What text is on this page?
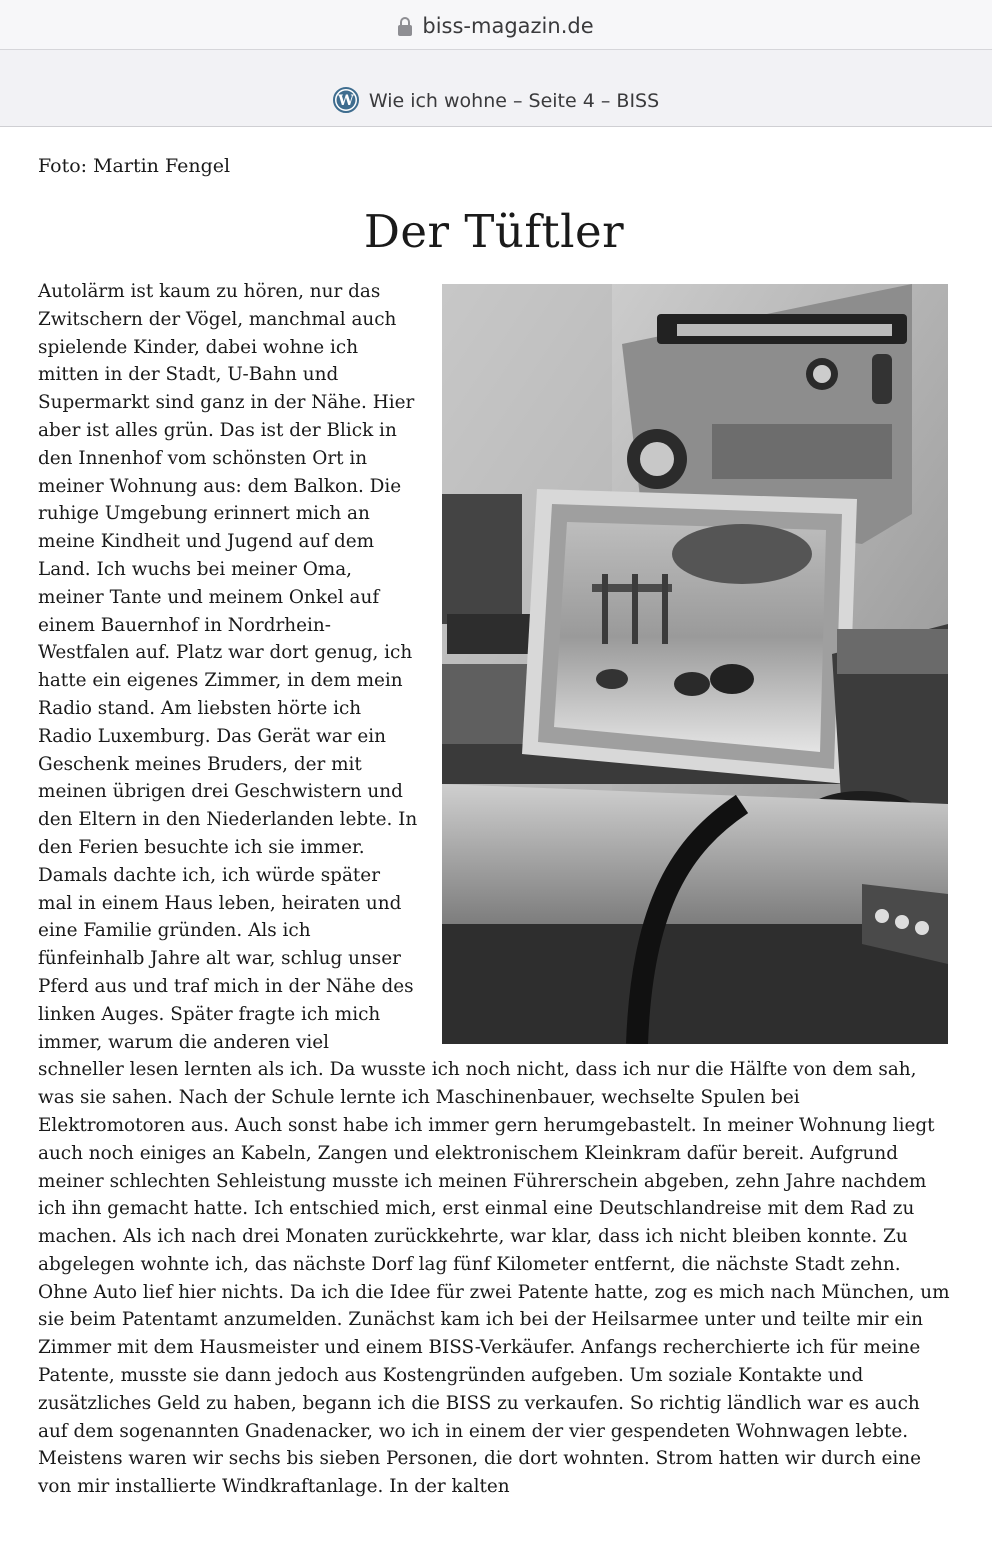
biss-magazin.de
W Wie ich wohne – Seite 4 – BISS

Foto: Martin Fengel

Der Tüftler
Autolärm ist kaum zu hören, nur das Zwitschern der Vögel, manchmal auch spielende Kinder, dabei wohne ich mitten in der Stadt, U-Bahn und Supermarkt sind ganz in der Nähe. Hier aber ist alles grün. Das ist der Blick in den Innenhof vom schönsten Ort in meiner Wohnung aus: dem Balkon. Die ruhige Umgebung erinnert mich an meine Kindheit und Jugend auf dem Land. Ich wuchs bei meiner Oma, meiner Tante und meinem Onkel auf einem Bauernhof in Nordrhein-Westfalen auf. Platz war dort genug, ich hatte ein eigenes Zimmer, in dem mein Radio stand. Am liebsten hörte ich Radio Luxemburg. Das Gerät war ein Geschenk meines Bruders, der mit meinen übrigen drei Geschwistern und den Eltern in den Niederlanden lebte. In den Ferien besuchte ich sie immer. Damals dachte ich, ich würde später mal in einem Haus leben, heiraten und eine Familie gründen. Als ich fünfeinhalb Jahre alt war, schlug unser Pferd aus und traf mich in der Nähe des linken Auges. Später fragte ich mich immer, warum die anderen viel schneller lesen lernten als ich. Da wusste ich noch nicht, dass ich nur die Hälfte von dem sah, was sie sahen. Nach der Schule lernte ich Maschinenbauer, wechselte Spulen bei Elektromotoren aus. Auch sonst habe ich immer gern herumgebastelt. In meiner Wohnung liegt auch noch einiges an Kabeln, Zangen und elektronischem Kleinkram dafür bereit. Aufgrund meiner schlechten Sehleistung musste ich meinen Führerschein abgeben, zehn Jahre nachdem ich ihn gemacht hatte. Ich entschied mich, erst einmal eine Deutschlandreise mit dem Rad zu machen. Als ich nach drei Monaten zurückkehrte, war klar, dass ich nicht bleiben konnte. Zu abgelegen wohnte ich, das nächste Dorf lag fünf Kilometer entfernt, die nächste Stadt zehn. Ohne Auto lief hier nichts. Da ich die Idee für zwei Patente hatte, zog es mich nach München, um sie beim Patentamt anzumelden. Zunächst kam ich bei der Heilsarmee unter und teilte mir ein Zimmer mit dem Hausmeister und einem BISS-Verkäufer. Anfangs recherchierte ich für meine Patente, musste sie dann jedoch aus Kostengründen aufgeben. Um soziale Kontakte und zusätzliches Geld zu haben, begann ich die BISS zu verkaufen. So richtig ländlich war es auch auf dem sogenannten Gnadenacker, wo ich in einem der vier gespendeten Wohnwagen lebte. Meistens waren wir sechs bis sieben Personen, die dort wohnten. Strom hatten wir durch eine von mir installierte Windkraftanlage. In der kalten
